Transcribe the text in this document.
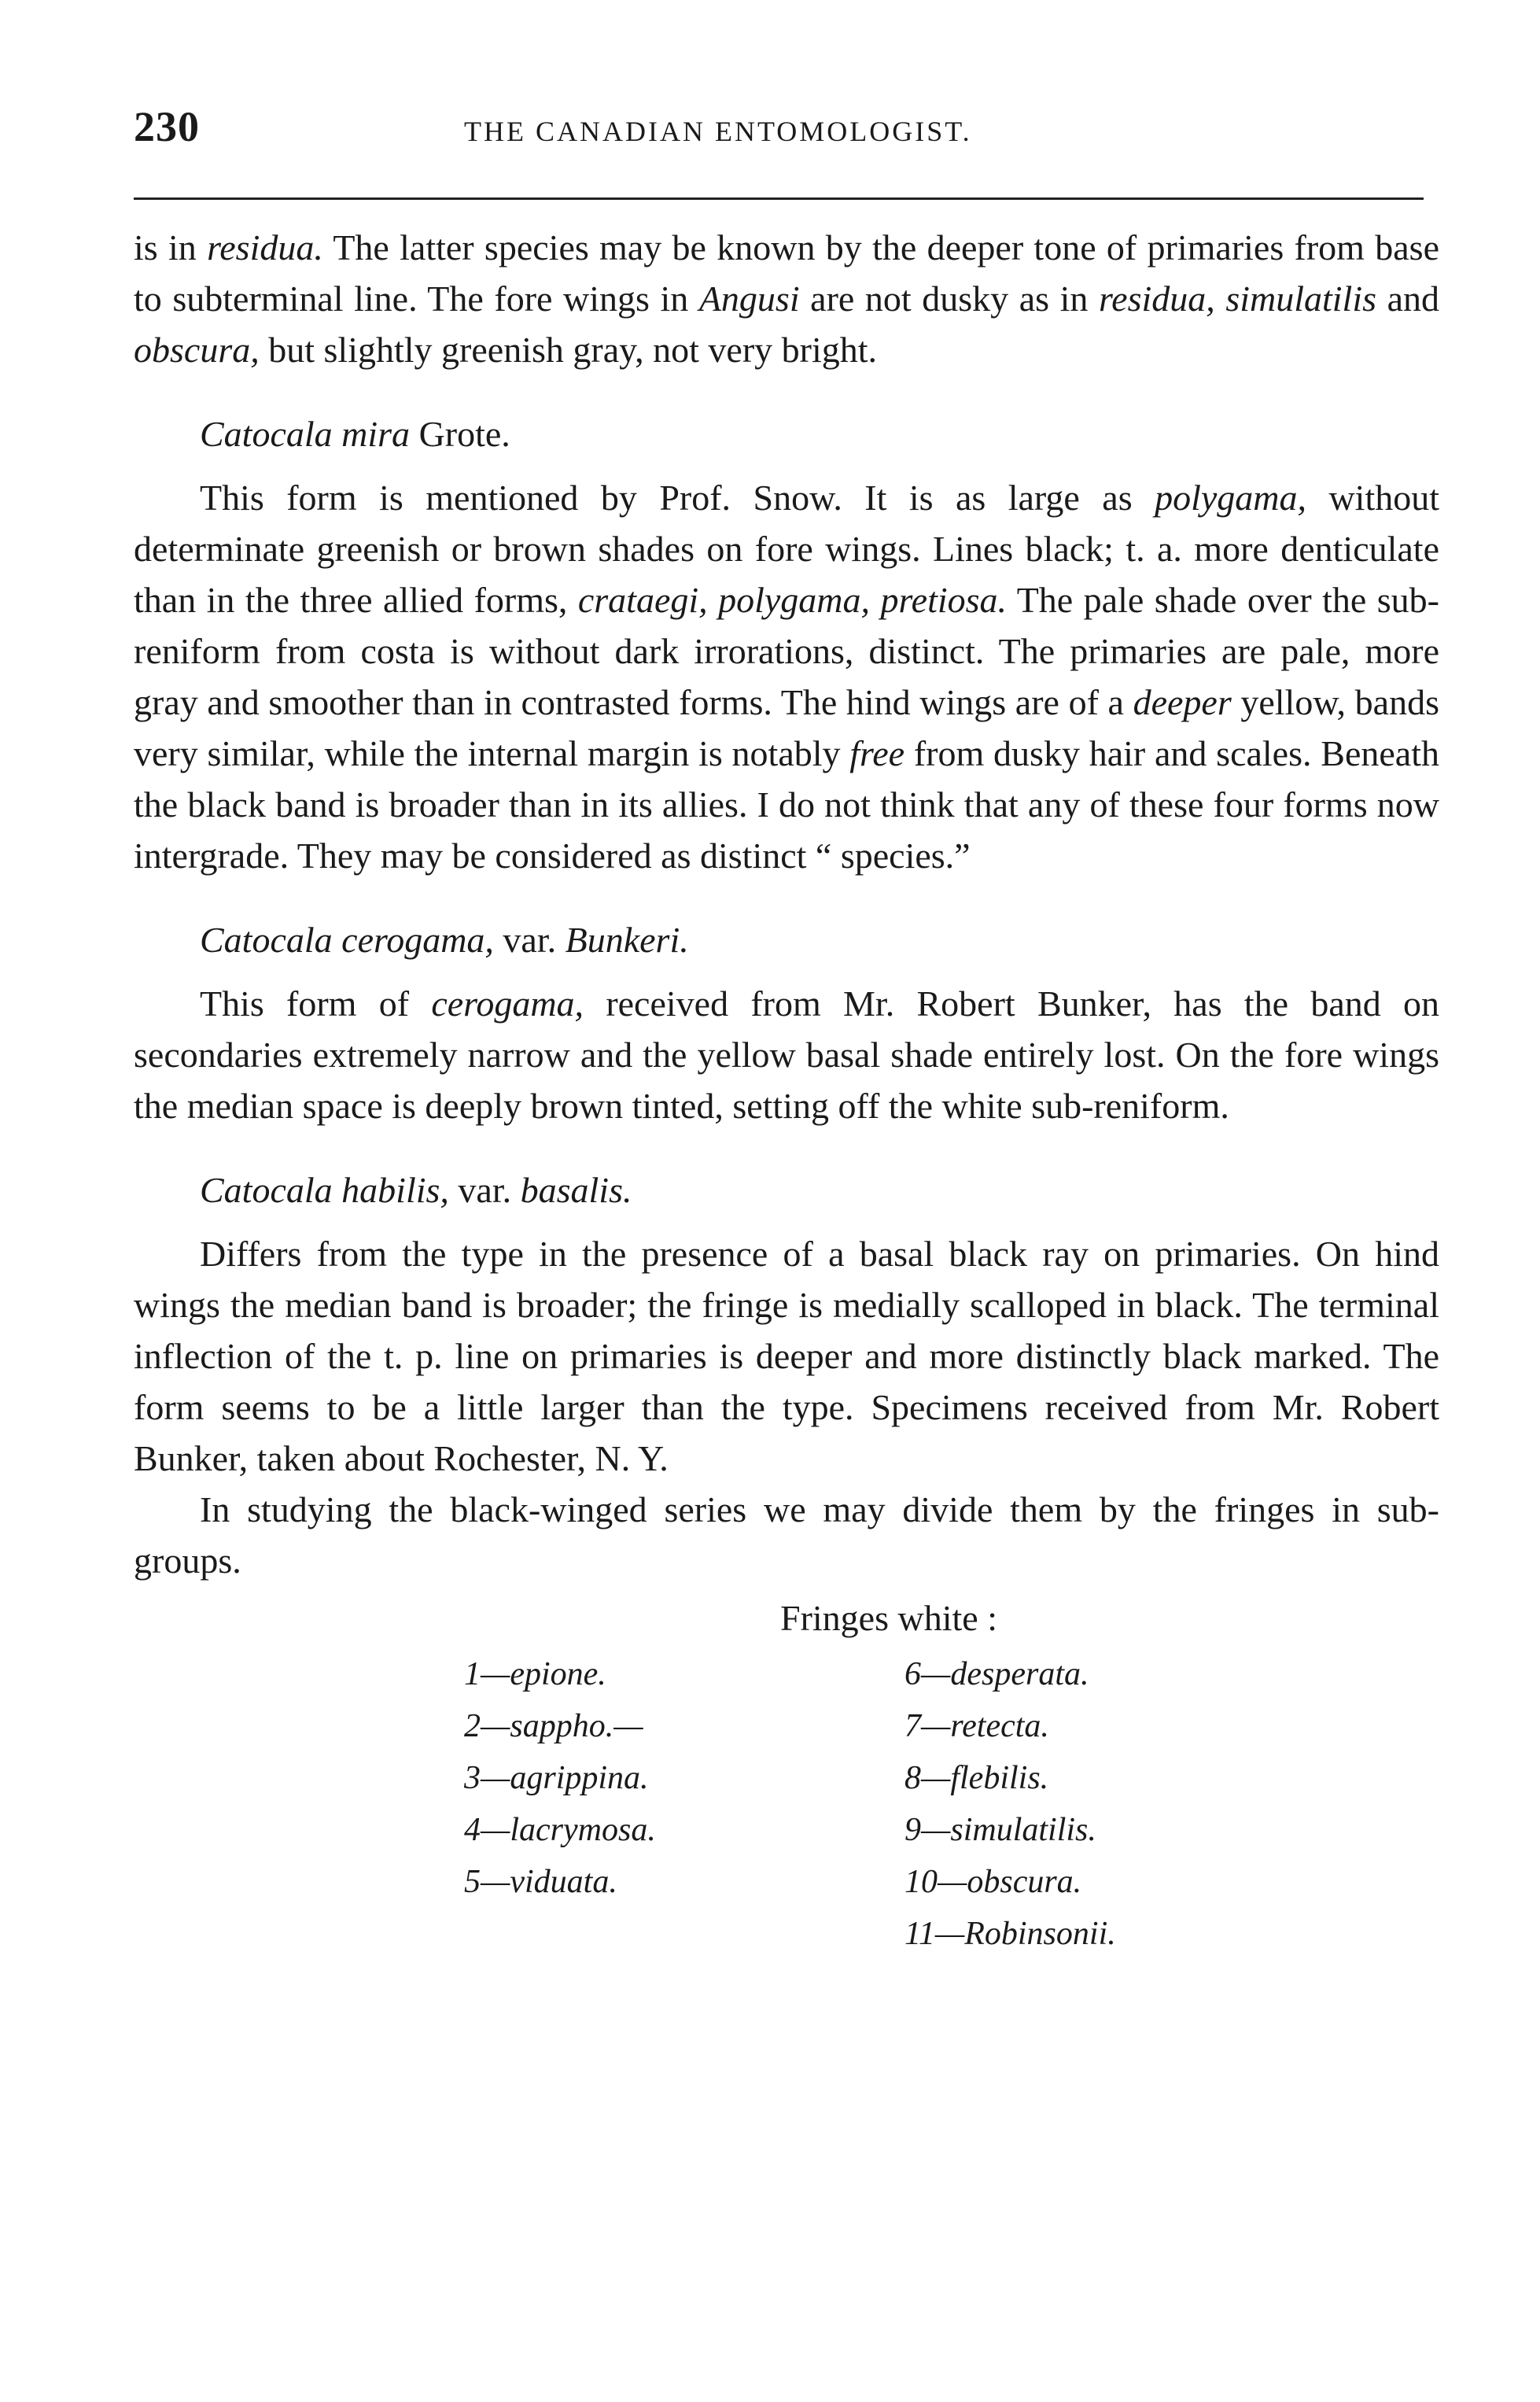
230	THE CANADIAN ENTOMOLOGIST.

is in residua. The latter species may be known by the deeper tone of primaries from base to subterminal line. The fore wings in Angusi are not dusky as in residua, simulatilis and obscura, but slightly greenish gray, not very bright.

Catocala mira Grote.

This form is mentioned by Prof. Snow. It is as large as polygama, without determinate greenish or brown shades on fore wings. Lines black; t. a. more denticulate than in the three allied forms, crataegi, polygama, pretiosa. The pale shade over the sub-reniform from costa is without dark irrorations, distinct. The primaries are pale, more gray and smoother than in contrasted forms. The hind wings are of a deeper yellow, bands very similar, while the internal margin is notably free from dusky hair and scales. Beneath the black band is broader than in its allies. I do not think that any of these four forms now intergrade. They may be considered as distinct “ species.”

Catocala cerogama, var. Bunkeri.

This form of cerogama, received from Mr. Robert Bunker, has the band on secondaries extremely narrow and the yellow basal shade entirely lost. On the fore wings the median space is deeply brown tinted, setting off the white sub-reniform.

Catocala habilis, var. basalis.

Differs from the type in the presence of a basal black ray on primaries. On hind wings the median band is broader; the fringe is medially scalloped in black. The terminal inflection of the t. p. line on primaries is deeper and more distinctly black marked. The form seems to be a little larger than the type. Specimens received from Mr. Robert Bunker, taken about Rochester, N. Y.

In studying the black-winged series we may divide them by the fringes in sub-groups.

Fringes white :
1—epione.
2—sappho.—
3—agrippina.
4—lacrymosa.
5—viduata.
6—desperata.
7—retecta.
8—flebilis.
9—simulatilis.
10—obscura.
11—Robinsonii.
